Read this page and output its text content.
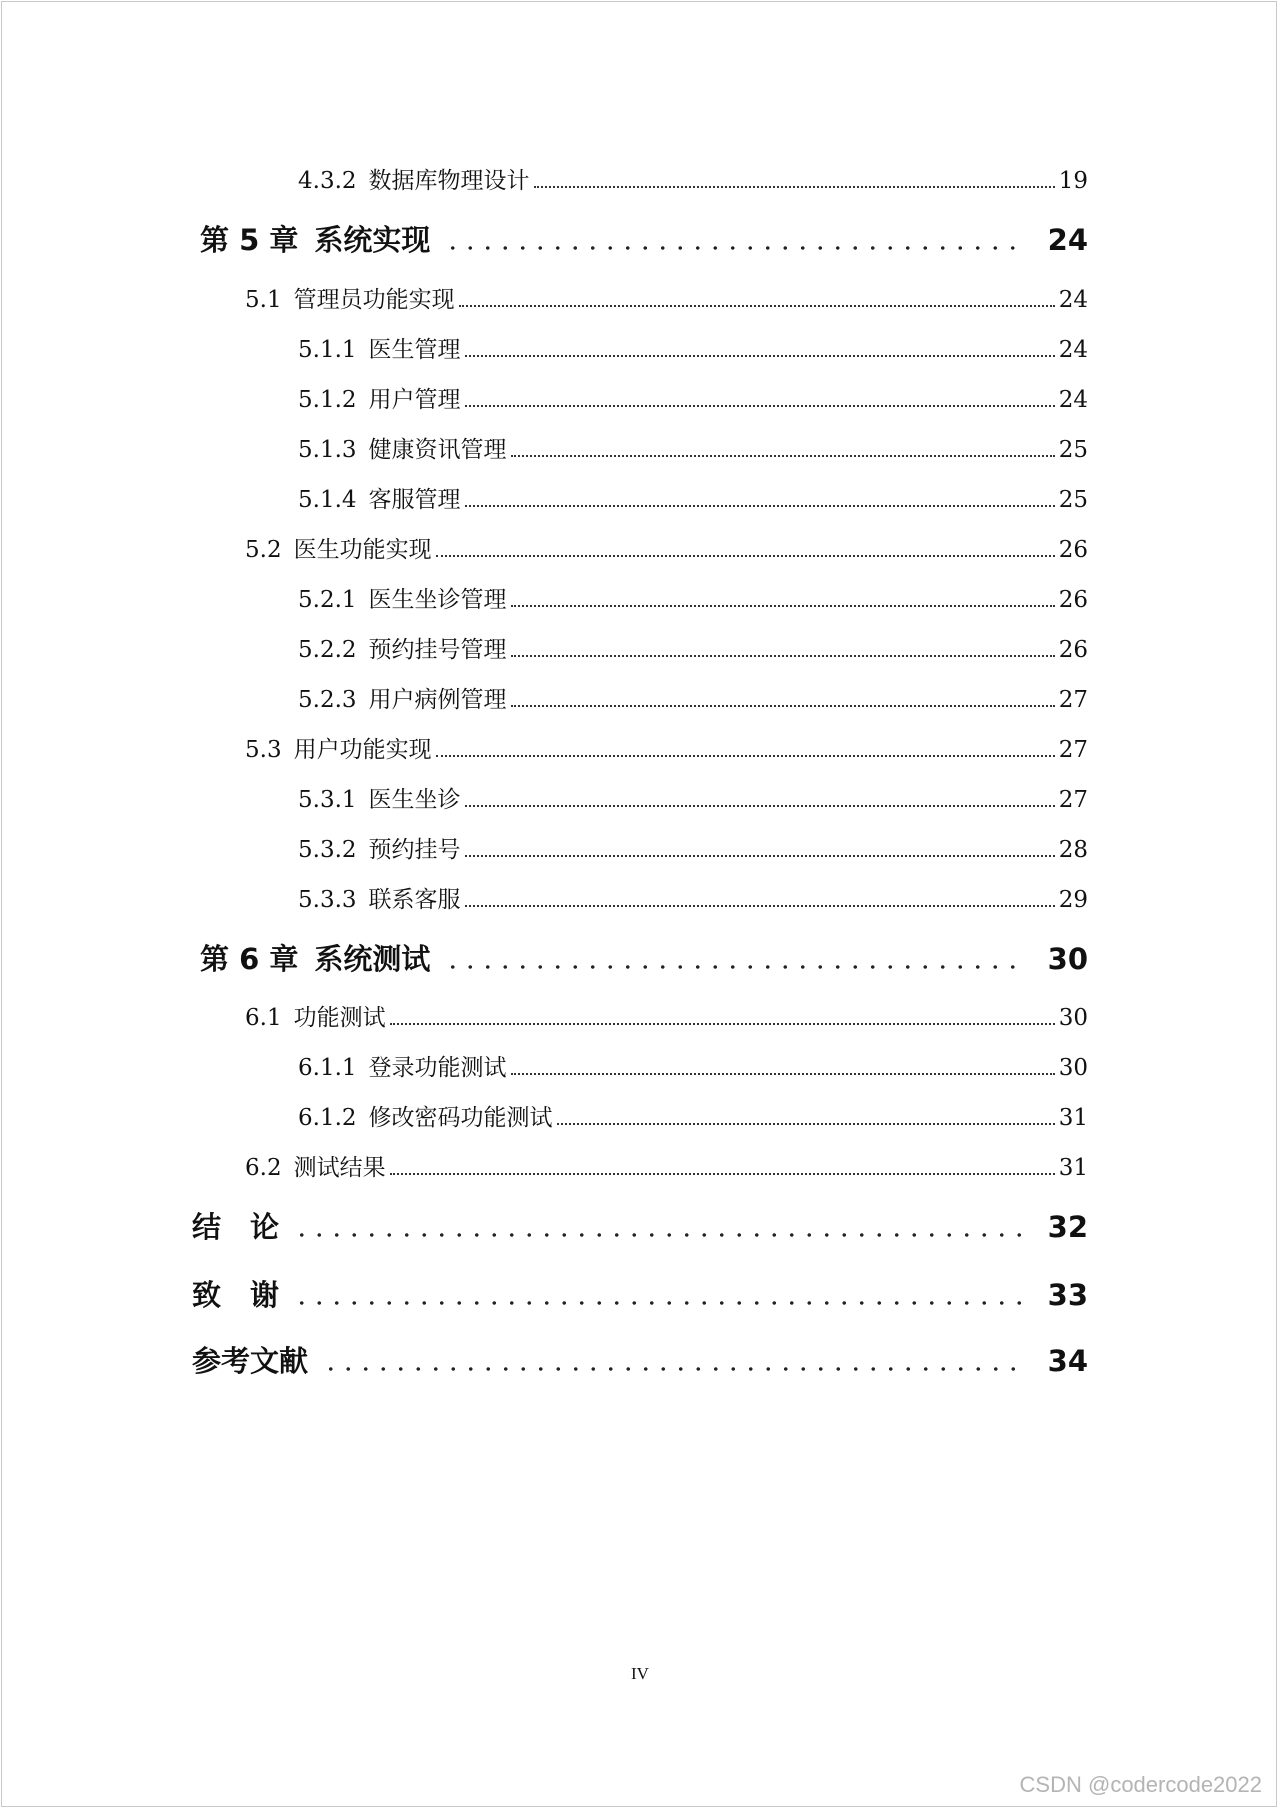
4.3.2 数据库物理设计	19
第 5 章 系统实现	24
5.1 管理员功能实现	24
5.1.1 医生管理	24
5.1.2 用户管理	24
5.1.3 健康资讯管理	25
5.1.4 客服管理	25
5.2 医生功能实现	26
5.2.1 医生坐诊管理	26
5.2.2 预约挂号管理	26
5.2.3 用户病例管理	27
5.3 用户功能实现	27
5.3.1 医生坐诊	27
5.3.2 预约挂号	28
5.3.3 联系客服	29
第 6 章 系统测试	30
6.1 功能测试	30
6.1.1 登录功能测试	30
6.1.2 修改密码功能测试	31
6.2 测试结果	31
结　论	32
致　谢	33
参考文献	34
IV
CSDN @codercode2022
